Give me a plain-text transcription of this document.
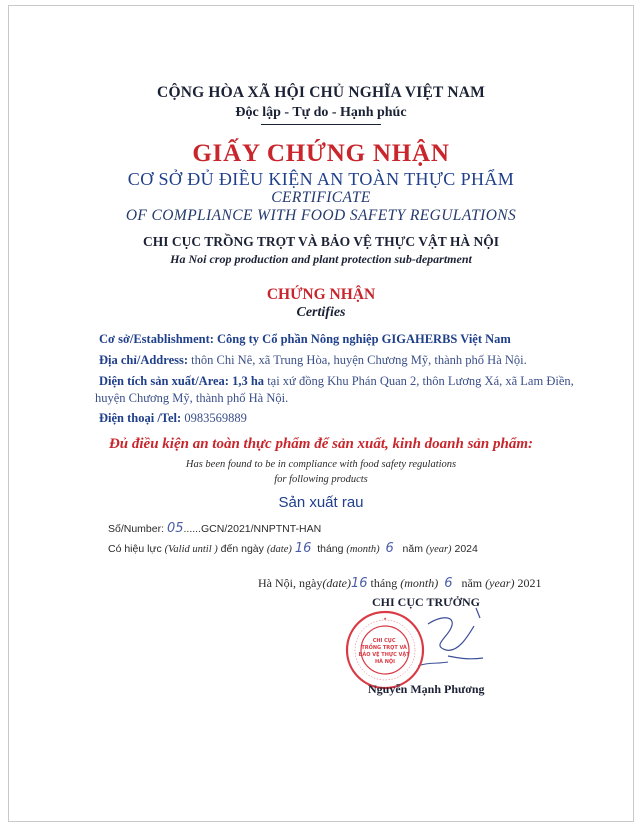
CỘNG HÒA XÃ HỘI CHỦ NGHĨA VIỆT NAM
Độc lập - Tự do - Hạnh phúc
GIẤY CHỨNG NHẬN
CƠ SỞ ĐỦ ĐIỀU KIỆN AN TOÀN THỰC PHẨM
CERTIFICATE
OF COMPLIANCE WITH FOOD SAFETY REGULATIONS
CHI CỤC TRỒNG TRỌT VÀ BẢO VỆ THỰC VẬT HÀ NỘI
Ha Noi crop production and plant protection sub-department
CHỨNG NHẬN
Certifies
Cơ sở/Establishment: Công ty Cổ phần Nông nghiệp GIGAHERBS Việt Nam
Địa chỉ/Address: thôn Chi Nê, xã Trung Hòa, huyện Chương Mỹ, thành phố Hà Nội.
Diện tích sản xuất/Area: 1,3 ha tại xứ đồng Khu Phán Quan 2, thôn Lương Xá, xã Lam Điền,
huyện Chương Mỹ, thành phố Hà Nội.
Điện thoại /Tel: 0983569889
Đủ điều kiện an toàn thực phẩm để sản xuất, kinh doanh sản phẩm:
Has been found to be in compliance with food safety regulations
for following products
Sản xuất rau
Số/Number: 05......GCN/2021/NNPTNT-HAN
Có hiệu lực (Valid until ) đến ngày (date) 16 tháng (month) 6 năm (year) 2024
Hà Nội, ngày(date)16 tháng (month) 6 năm (year) 2021
CHI CỤC TRƯỞNG
CHI CỤC TRỒNG TRỌT VÀ BẢO VỆ THỰC VẬT HÀ NỘI
★
Nguyễn Mạnh Phương
